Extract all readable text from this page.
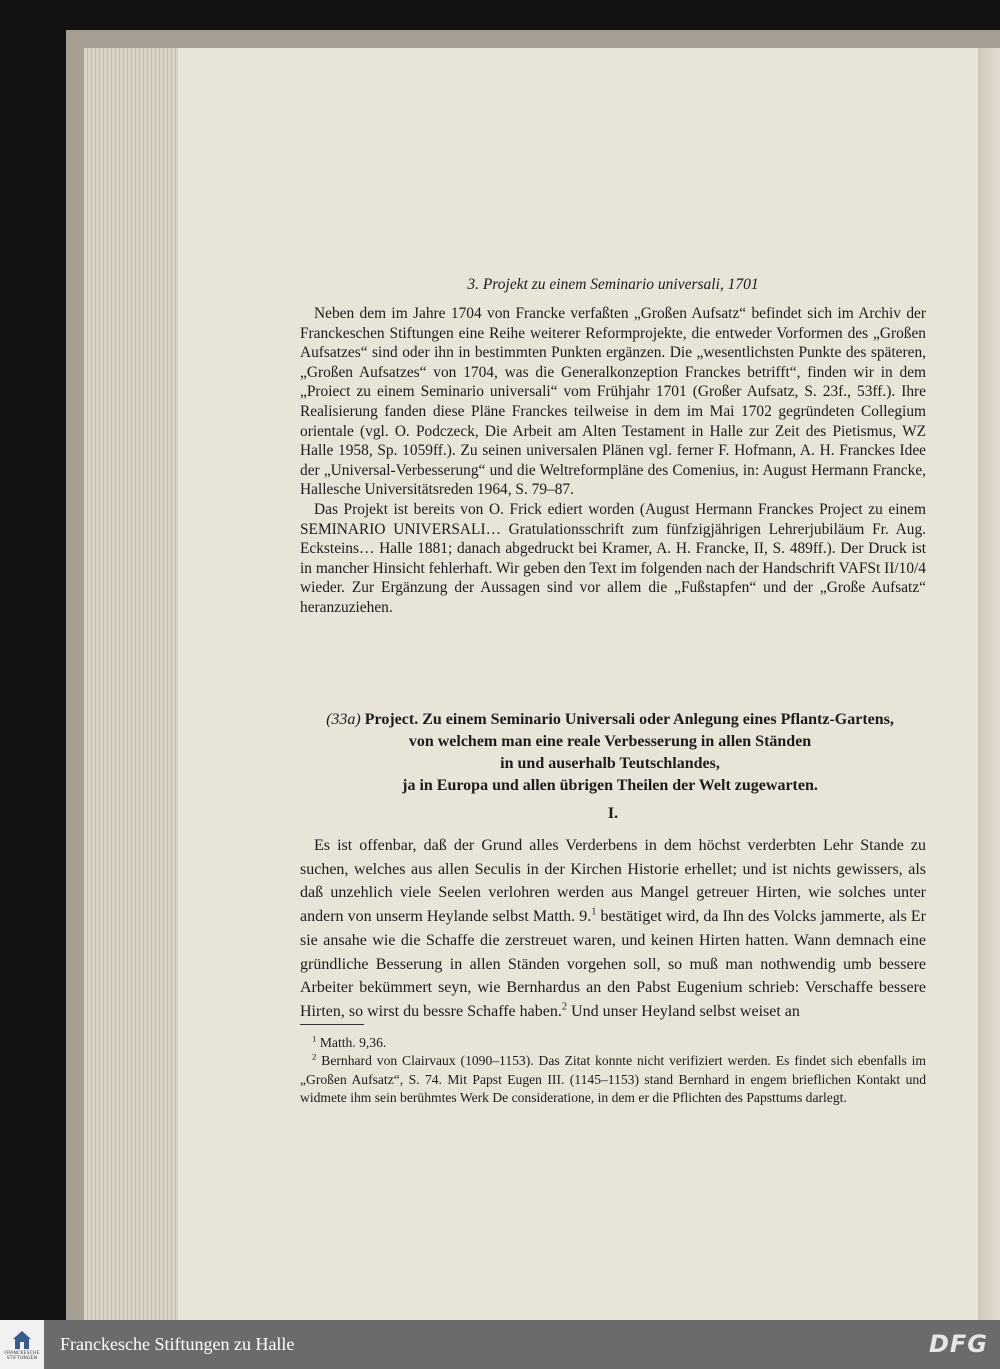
3. Projekt zu einem Seminario universali, 1701

Neben dem im Jahre 1704 von Francke verfaßten „Großen Aufsatz“ befindet sich im Archiv der Franckeschen Stiftungen eine Reihe weiterer Reformprojekte, die entweder Vorformen des „Großen Aufsatzes“ sind oder ihn in bestimmten Punkten ergänzen. Die „wesentlichsten Punkte des späteren, „Großen Aufsatzes“ von 1704, was die Generalkonzeption Franckes betrifft“, finden wir in dem „Proiect zu einem Seminario universali“ vom Frühjahr 1701 (Großer Aufsatz, S. 23f., 53ff.). Ihre Realisierung fanden diese Pläne Franckes teilweise in dem im Mai 1702 gegründeten Collegium orientale (vgl. O. Podczeck, Die Arbeit am Alten Testament in Halle zur Zeit des Pietismus, WZ Halle 1958, Sp. 1059ff.). Zu seinen universalen Plänen vgl. ferner F. Hofmann, A. H. Franckes Idee der „Universal-Verbesserung“ und die Weltreformpläne des Comenius, in: August Hermann Francke, Hallesche Universitätsreden 1964, S. 79–87.

Das Projekt ist bereits von O. Frick ediert worden (August Hermann Franckes Project zu einem SEMINARIO UNIVERSALI… Gratulationsschrift zum fünfzigjährigen Lehrerjubiläum Fr. Aug. Ecksteins… Halle 1881; danach abgedruckt bei Kramer, A. H. Francke, II, S. 489ff.). Der Druck ist in mancher Hinsicht fehlerhaft. Wir geben den Text im folgenden nach der Handschrift VAFSt II/10/4 wieder. Zur Ergänzung der Aussagen sind vor allem die „Fußstapfen“ und der „Große Aufsatz“ heranzuziehen.

(33a) Project. Zu einem Seminario Universali oder Anlegung eines Pflantz-Gartens,
von welchem man eine reale Verbesserung in allen Ständen
in und auserhalb Teutschlandes,
ja in Europa und allen übrigen Theilen der Welt zugewarten.
I.

Es ist offenbar, daß der Grund alles Verderbens in dem höchst verderbten Lehr Stande zu suchen, welches aus allen Seculis in der Kirchen Historie erhellet; und ist nichts gewissers, als daß unzehlich viele Seelen verlohren werden aus Mangel getreuer Hirten, wie solches unter andern von unserm Heylande selbst Matth. 9.$^1$ bestätiget wird, da Ihn des Volcks jammerte, als Er sie ansahe wie die Schaffe die zerstreuet waren, und keinen Hirten hatten. Wann demnach eine gründliche Besserung in allen Ständen vorgehen soll, so muß man nothwendig umb bessere Arbeiter bekümmert seyn, wie Bernhardus an den Pabst Eugenium schrieb: Verschaffe bessere Hirten, so wirst du bessre Schaffe haben.$^2$ Und unser Heyland selbst weiset an

$^1$ Matth. 9,36.

$^2$ Bernhard von Clairvaux (1090–1153). Das Zitat konnte nicht verifiziert werden. Es findet sich ebenfalls im „Großen Aufsatz“, S. 74. Mit Papst Eugen III. (1145–1153) stand Bernhard in engem brieflichen Kontakt und widmete ihm sein berühmtes Werk De consideratione, in dem er die Pflichten des Papsttums darlegt.

FRANCKESCHE
STIFTUNGEN
Franckesche Stiftungen zu Halle	DFG
